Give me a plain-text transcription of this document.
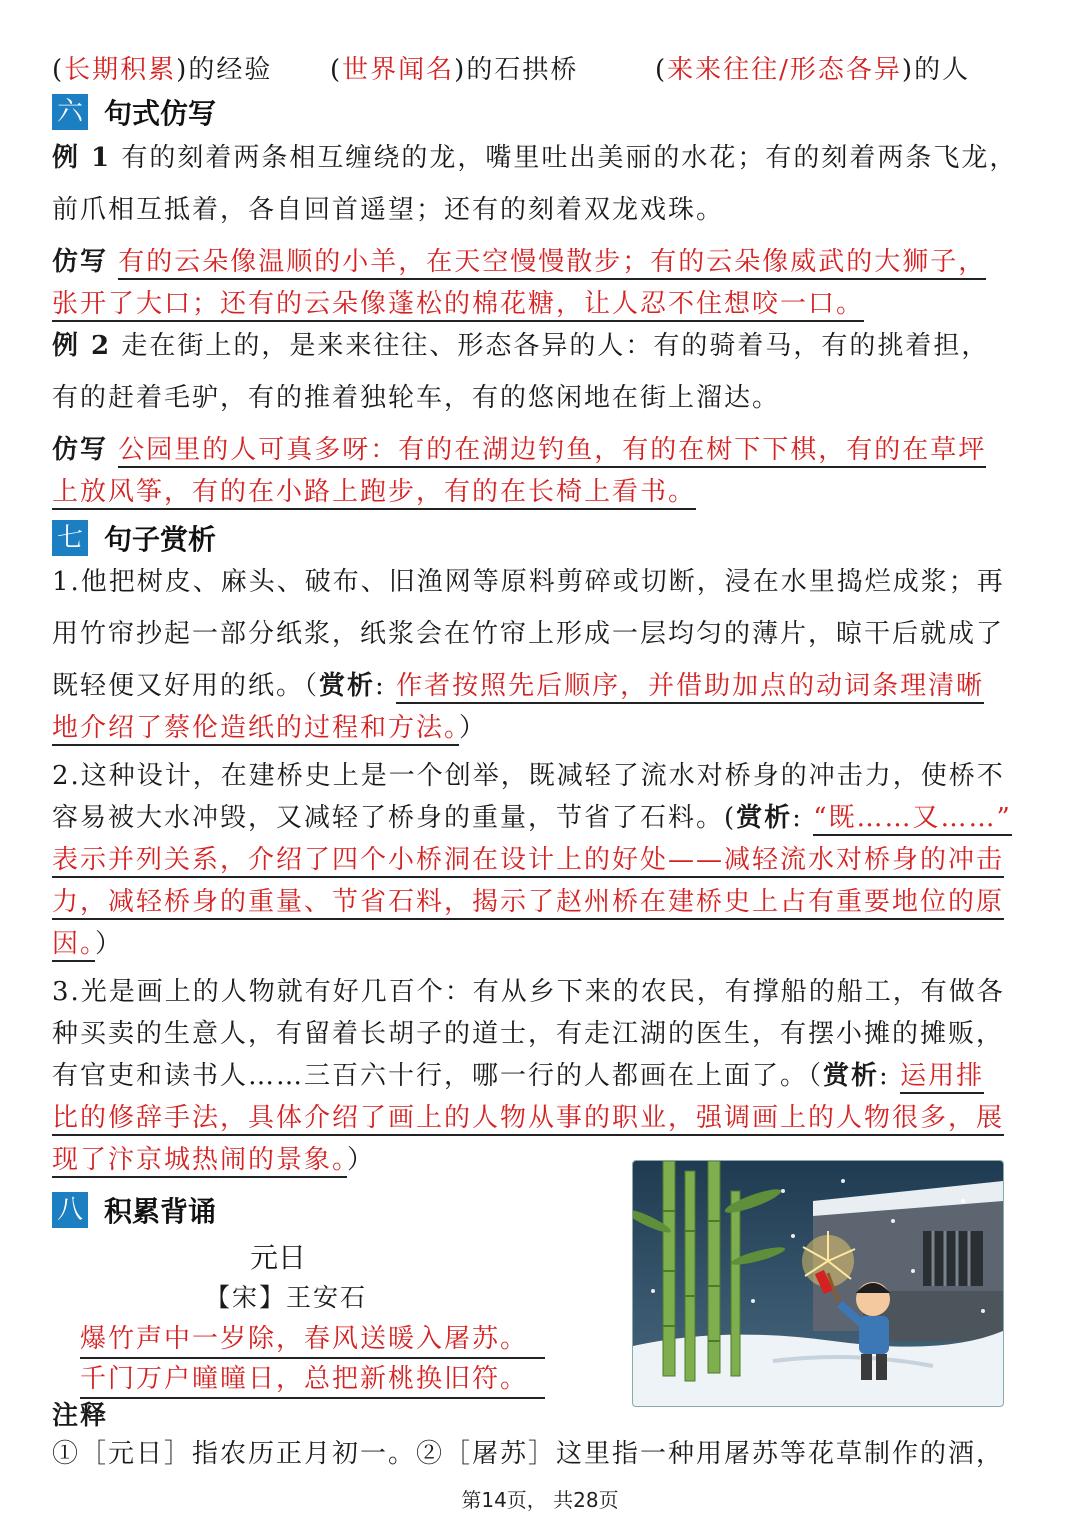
(长期积累)的经验 (世界闻名)的石拱桥	(来来往往/形态各异)的人
六 句式仿写
例 1 有的刻着两条相互缠绕的龙，嘴里吐出美丽的水花；有的刻着两条飞龙，
前爪相互抵着，各自回首遥望；还有的刻着双龙戏珠。
仿写 有的云朵像温顺的小羊，在天空慢慢散步；有的云朵像威武的大狮子，
张开了大口；还有的云朵像蓬松的棉花糖，让人忍不住想咬一口。
例 2 走在街上的，是来来往往、形态各异的人：有的骑着马，有的挑着担，
有的赶着毛驴，有的推着独轮车，有的悠闲地在街上溜达。
仿写 公园里的人可真多呀：有的在湖边钓鱼，有的在树下下棋，有的在草坪
上放风筝，有的在小路上跑步，有的在长椅上看书。
七 句子赏析
1.他把树皮、麻头、破布、旧渔网等原料剪碎或切断，浸在水里捣烂成浆；再
用竹帘抄起一部分纸浆，纸浆会在竹帘上形成一层均匀的薄片，晾干后就成了
既轻便又好用的纸。（赏析: 作者按照先后顺序，并借助加点的动词条理清晰
地介绍了蔡伦造纸的过程和方法。）
2.这种设计，在建桥史上是一个创举，既减轻了流水对桥身的冲击力，使桥不
容易被大水冲毁，又减轻了桥身的重量，节省了石料。(赏析: “既……又……”
表示并列关系，介绍了四个小桥洞在设计上的好处——减轻流水对桥身的冲击
力，减轻桥身的重量、节省石料，揭示了赵州桥在建桥史上占有重要地位的原
因。）
3.光是画上的人物就有好几百个：有从乡下来的农民，有撑船的船工，有做各
种买卖的生意人，有留着长胡子的道士，有走江湖的医生，有摆小摊的摊贩，
有官吏和读书人……三百六十行，哪一行的人都画在上面了。（赏析: 运用排
比的修辞手法，具体介绍了画上的人物从事的职业，强调画上的人物很多，展
现了汴京城热闹的景象。）
八 积累背诵
元日
【宋】王安石
爆竹声中一岁除，春风送暖入屠苏。
千门万户曈曈日，总把新桃换旧符。
注释
①［元日］指农历正月初一。②［屠苏］这里指一种用屠苏等花草制作的酒，
第14页， 共28页
